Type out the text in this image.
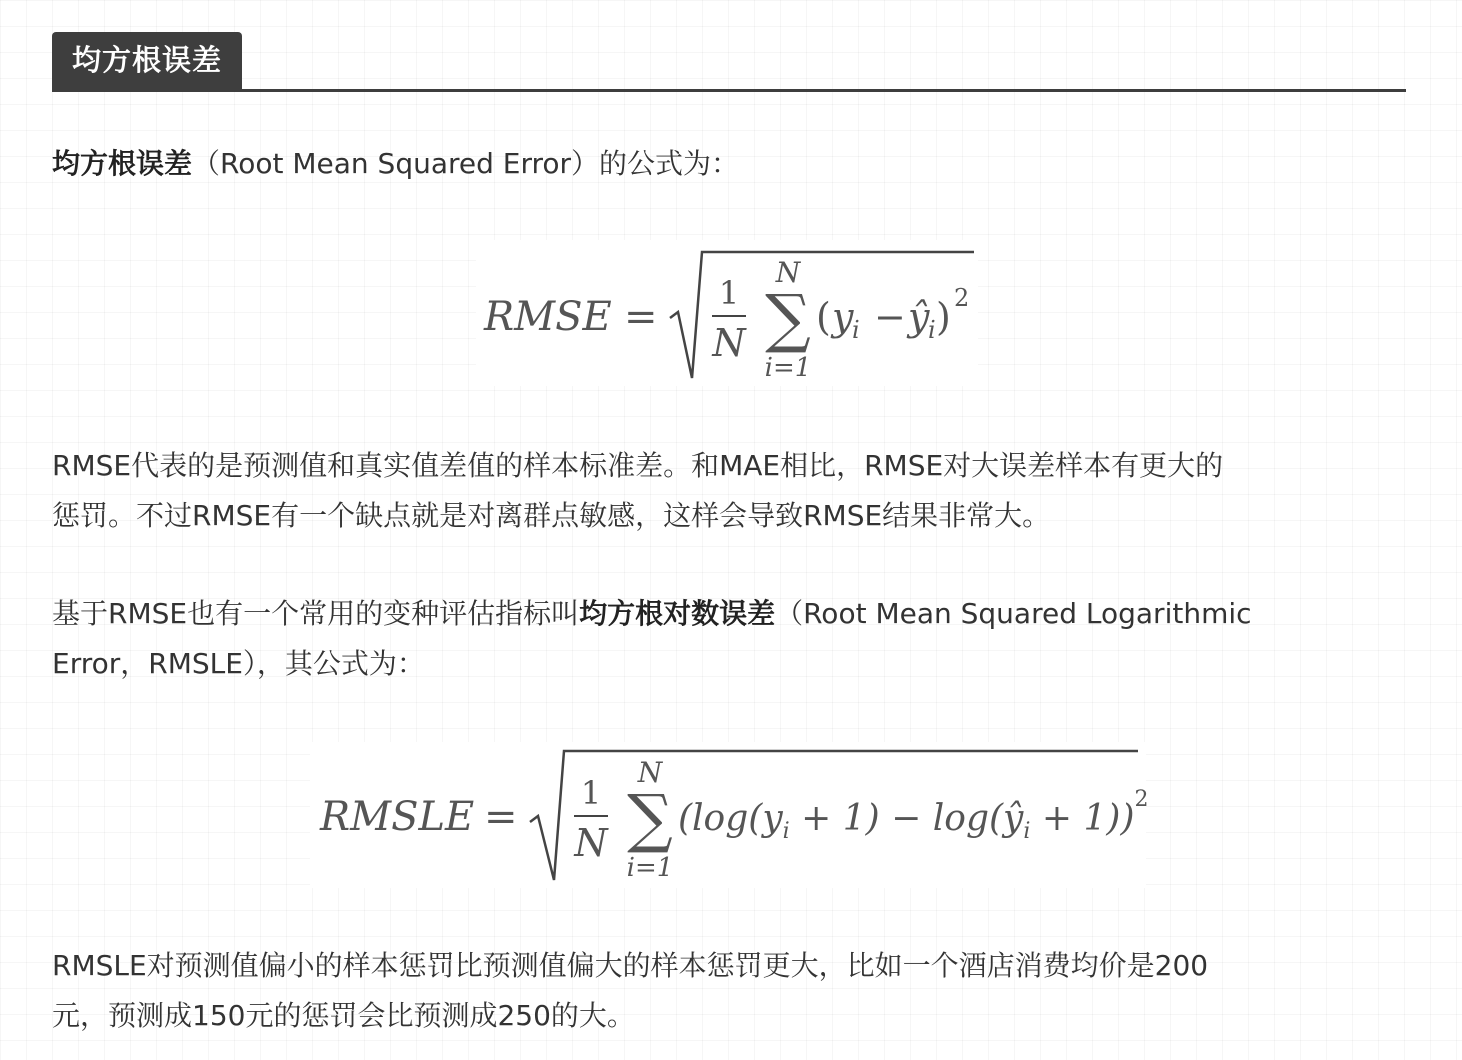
均方根误差

均方根误差（Root Mean Squared Error）的公式为：

RMSE =
1
N
N
∑
i=1
( y
i − ŷ
i ) 2

RMSE代表的是预测值和真实值差值的样本标准差。和MAE相比，RMSE对大误差样本有更大的
惩罚。不过RMSE有一个缺点就是对离群点敏感，这样会导致RMSE结果非常大。

基于RMSE也有一个常用的变种评估指标叫均方根对数误差（Root Mean Squared Logarithmic
Error，RMSLE），其公式为：

RMSLE =
1
N
N
∑
i=1
($\log(y_i + 1)$ − $\log(ŷ_i + 1))^2$

RMSLE对预测值偏小的样本惩罚比预测值偏大的样本惩罚更大，比如一个酒店消费均价是200
元，预测成150元的惩罚会比预测成250的大。
